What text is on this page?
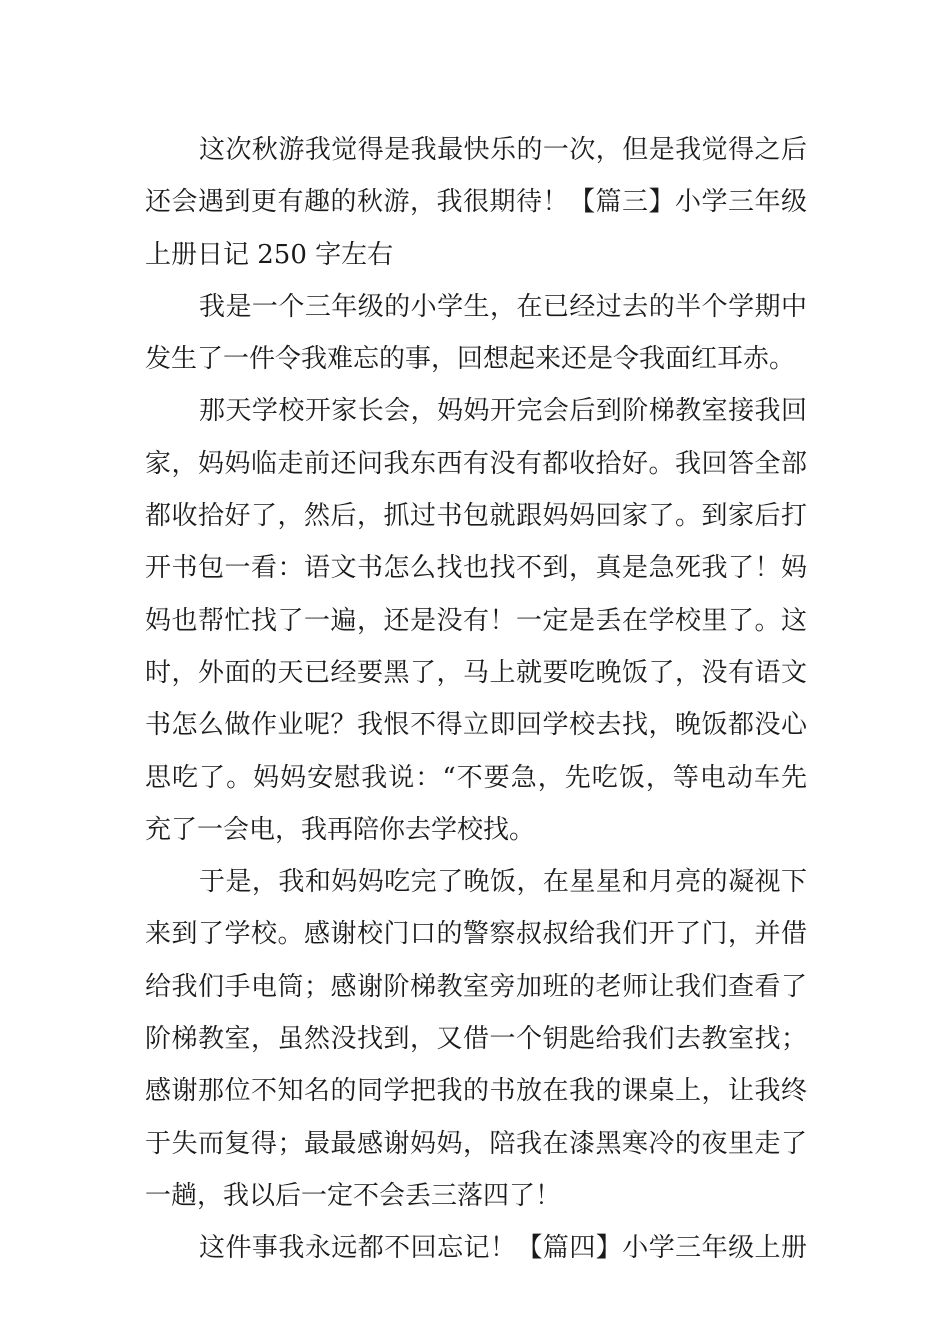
这次秋游我觉得是我最快乐的一次，但是我觉得之后
还会遇到更有趣的秋游，我很期待！【篇三】小学三年级
上册日记 250 字左右
我是一个三年级的小学生，在已经过去的半个学期中
发生了一件令我难忘的事，回想起来还是令我面红耳赤。
那天学校开家长会，妈妈开完会后到阶梯教室接我回
家，妈妈临走前还问我东西有没有都收拾好。我回答全部
都收拾好了，然后，抓过书包就跟妈妈回家了。到家后打
开书包一看：语文书怎么找也找不到，真是急死我了！妈
妈也帮忙找了一遍，还是没有！一定是丢在学校里了。这
时，外面的天已经要黑了，马上就要吃晚饭了，没有语文
书怎么做作业呢？我恨不得立即回学校去找，晚饭都没心
思吃了。妈妈安慰我说：“不要急，先吃饭，等电动车先
充了一会电，我再陪你去学校找。
于是，我和妈妈吃完了晚饭，在星星和月亮的凝视下
来到了学校。感谢校门口的警察叔叔给我们开了门，并借
给我们手电筒；感谢阶梯教室旁加班的老师让我们查看了
阶梯教室，虽然没找到，又借一个钥匙给我们去教室找；
感谢那位不知名的同学把我的书放在我的课桌上，让我终
于失而复得；最最感谢妈妈，陪我在漆黑寒冷的夜里走了
一趟，我以后一定不会丢三落四了！
这件事我永远都不回忘记！【篇四】小学三年级上册
